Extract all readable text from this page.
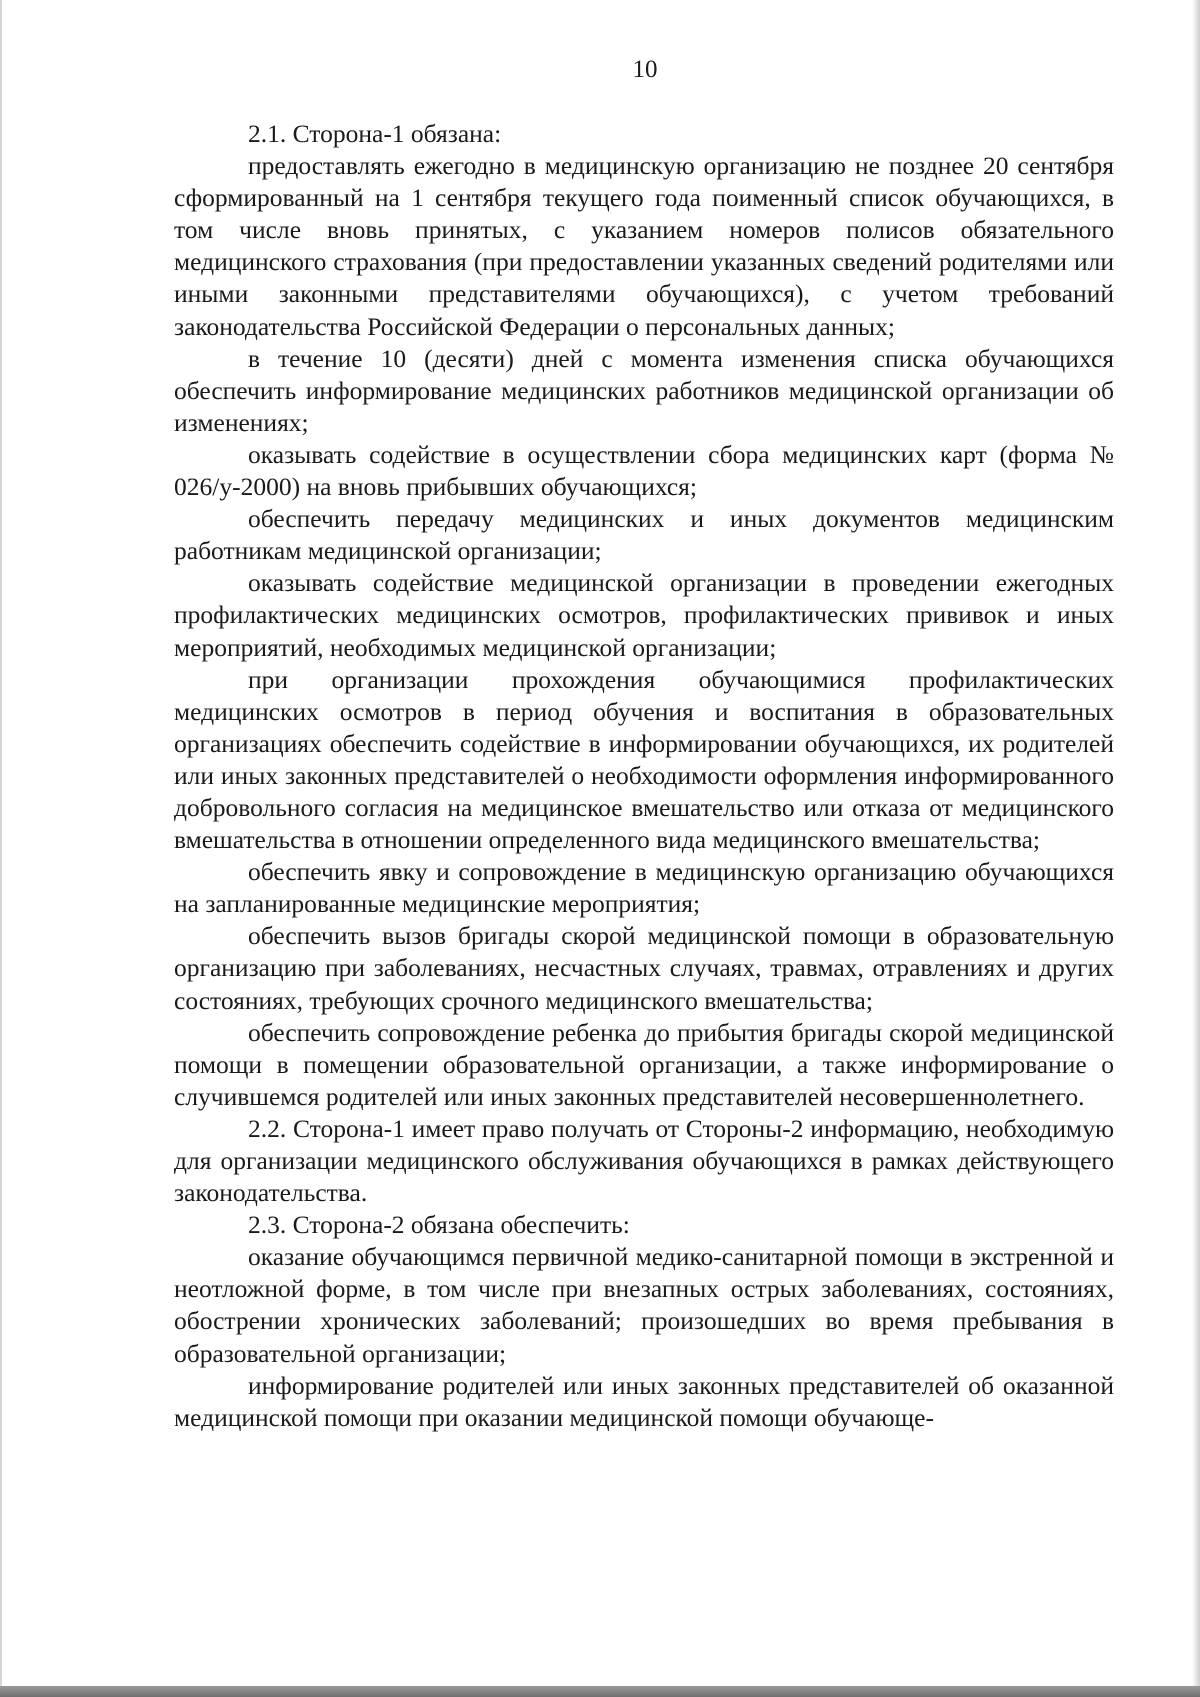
10

2.1. Сторона-1 обязана:

предоставлять ежегодно в медицинскую организацию не позднее 20 сентября сформированный на 1 сентября текущего года поименный список обучающихся, в том числе вновь принятых, с указанием номеров полисов обязательного медицинского страхования (при предоставлении указанных сведений родителями или иными законными представителями обучающихся), с учетом требований законодательства Российской Федерации о персональных данных;

в течение 10 (десяти) дней с момента изменения списка обучающихся обеспечить информирование медицинских работников медицинской организации об изменениях;

оказывать содействие в осуществлении сбора медицинских карт (форма № 026/у-2000) на вновь прибывших обучающихся;

обеспечить передачу медицинских и иных документов медицинским работникам медицинской организации;

оказывать содействие медицинской организации в проведении ежегодных профилактических медицинских осмотров, профилактических прививок и иных мероприятий, необходимых медицинской организации;

при организации прохождения обучающимися профилактических медицинских осмотров в период обучения и воспитания в образовательных организациях обеспечить содействие в информировании обучающихся, их родителей или иных законных представителей о необходимости оформления информированного добровольного согласия на медицинское вмешательство или отказа от медицинского вмешательства в отношении определенного вида медицинского вмешательства;

обеспечить явку и сопровождение в медицинскую организацию обучающихся на запланированные медицинские мероприятия;

обеспечить вызов бригады скорой медицинской помощи в образовательную организацию при заболеваниях, несчастных случаях, травмах, отравлениях и других состояниях, требующих срочного медицинского вмешательства;

обеспечить сопровождение ребенка до прибытия бригады скорой медицинской помощи в помещении образовательной организации, а также информирование о случившемся родителей или иных законных представителей несовершеннолетнего.

2.2. Сторона-1 имеет право получать от Стороны-2 информацию, необходимую для организации медицинского обслуживания обучающихся в рамках действующего законодательства.

2.3. Сторона-2 обязана обеспечить:

оказание обучающимся первичной медико-санитарной помощи в экстренной и неотложной форме, в том числе при внезапных острых заболеваниях, состояниях, обострении хронических заболеваний; произошедших во время пребывания в образовательной организации;

информирование родителей или иных законных представителей об оказанной медицинской помощи при оказании медицинской помощи обучающе-
